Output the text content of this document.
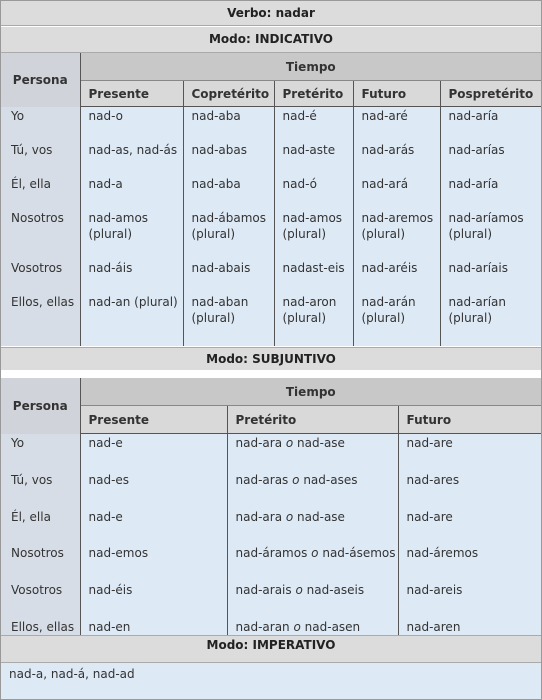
Verbo: nadar
Modo: INDICATIVO
Persona	Tiempo				
	Presente	Copretérito	Pretérito	Futuro	Pospretérito
Yo	nad-o	nad-aba	nad-é	nad-aré	nad-aría
Tú, vos	nad-as, nad-ás	nad-abas	nad-aste	nad-arás	nad-arías
Él, ella	nad-a	nad-aba	nad-ó	nad-ará	nad-aría
Nosotros	nad-amos (plural)	nad-ábamos (plural)	nad-amos (plural)	nad-aremos (plural)	nad-aríamos (plural)
Vosotros	nad-áis	nad-abais	nadast-eis	nad-aréis	nad-aríais
Ellos, ellas	nad-an (plural)	nad-aban (plural)	nad-aron (plural)	nad-arán (plural)	nad-arían (plural)
Modo: SUBJUNTIVO
Persona	Tiempo		
	Presente	Pretérito	Futuro
Yo	nad-e	nad-ara o nad-ase	nad-are
Tú, vos	nad-es	nad-aras o nad-ases	nad-ares
Él, ella	nad-e	nad-ara o nad-ase	nad-are
Nosotros	nad-emos	nad-áramos o nad-ásemos	nad-áremos
Vosotros	nad-éis	nad-arais o nad-aseis	nad-areis
Ellos, ellas	nad-en	nad-aran o nad-asen	nad-aren
Modo: IMPERATIVO
nad-a, nad-á, nad-ad
